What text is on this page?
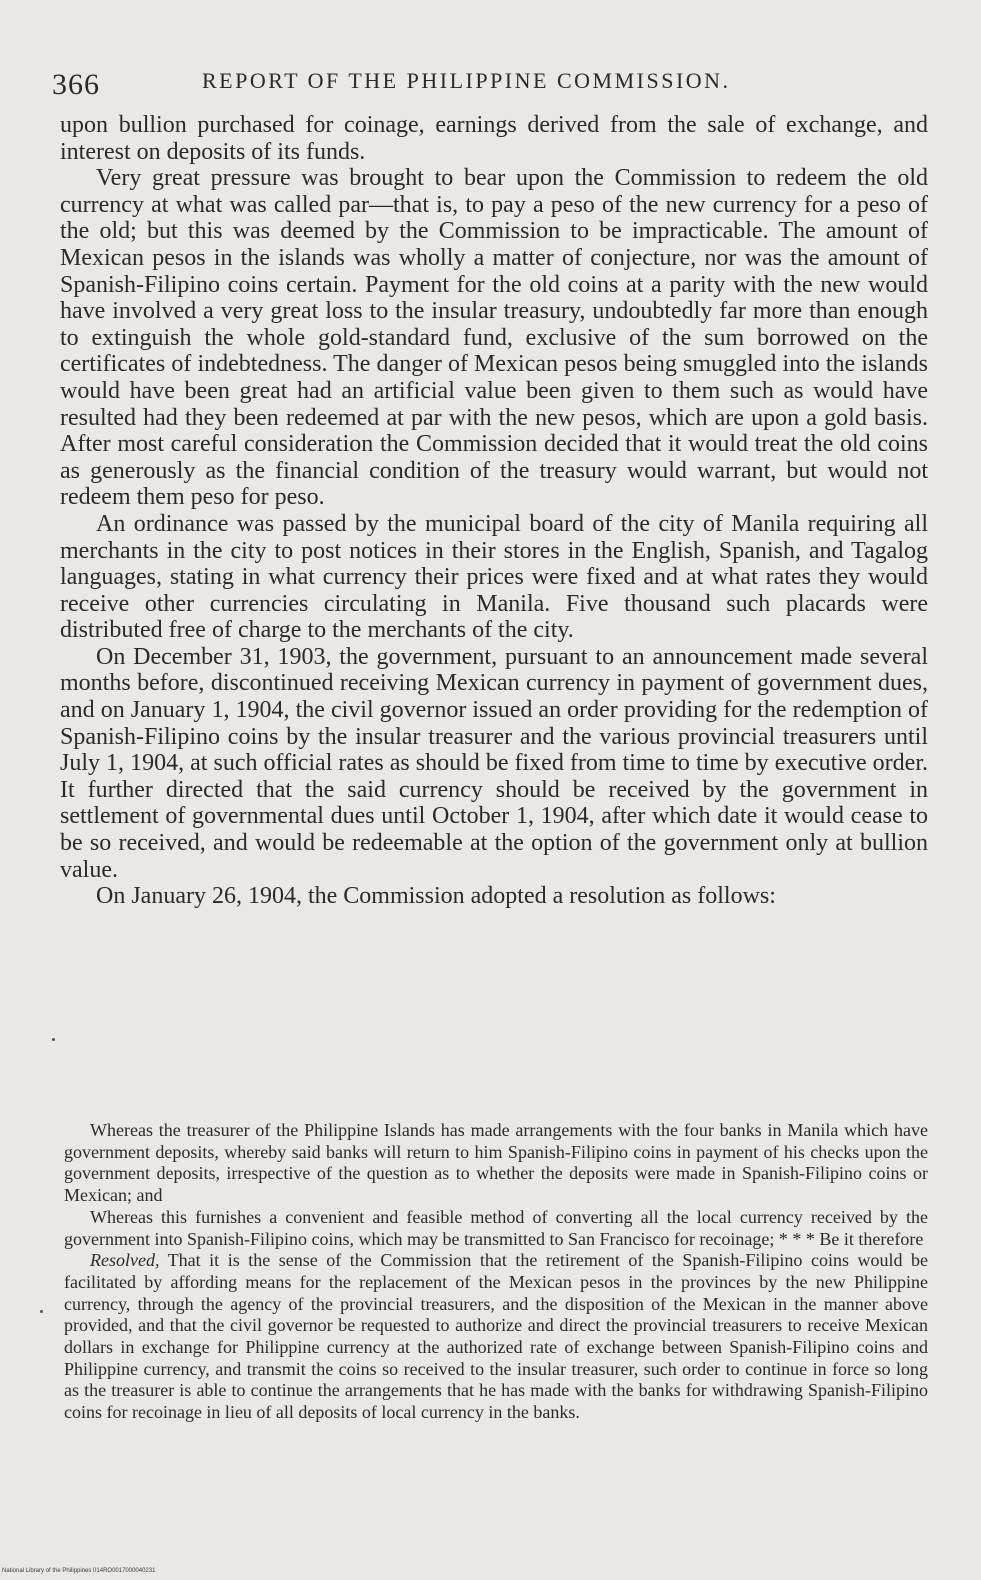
366	REPORT OF THE PHILIPPINE COMMISSION.

upon bullion purchased for coinage, earnings derived from the sale of exchange, and interest on deposits of its funds.

Very great pressure was brought to bear upon the Commission to redeem the old currency at what was called par—that is, to pay a peso of the new currency for a peso of the old; but this was deemed by the Commission to be impracticable. The amount of Mexican pesos in the islands was wholly a matter of conjecture, nor was the amount of Spanish-Filipino coins certain. Payment for the old coins at a parity with the new would have involved a very great loss to the insular treasury, undoubtedly far more than enough to extinguish the whole gold-standard fund, exclusive of the sum borrowed on the certificates of indebtedness. The danger of Mexican pesos being smuggled into the islands would have been great had an artificial value been given to them such as would have resulted had they been redeemed at par with the new pesos, which are upon a gold basis. After most careful consideration the Commission decided that it would treat the old coins as generously as the financial condition of the treasury would warrant, but would not redeem them peso for peso.

An ordinance was passed by the municipal board of the city of Manila requiring all merchants in the city to post notices in their stores in the English, Spanish, and Tagalog languages, stating in what currency their prices were fixed and at what rates they would receive other currencies circulating in Manila. Five thousand such placards were distributed free of charge to the merchants of the city.

On December 31, 1903, the government, pursuant to an announcement made several months before, discontinued receiving Mexican currency in payment of government dues, and on January 1, 1904, the civil governor issued an order providing for the redemption of Spanish-Filipino coins by the insular treasurer and the various provincial treasurers until July 1, 1904, at such official rates as should be fixed from time to time by executive order. It further directed that the said currency should be received by the government in settlement of governmental dues until October 1, 1904, after which date it would cease to be so received, and would be redeemable at the option of the government only at bullion value.

On January 26, 1904, the Commission adopted a resolution as follows:

Whereas the treasurer of the Philippine Islands has made arrangements with the four banks in Manila which have government deposits, whereby said banks will return to him Spanish-Filipino coins in payment of his checks upon the government deposits, irrespective of the question as to whether the deposits were made in Spanish-Filipino coins or Mexican; and

Whereas this furnishes a convenient and feasible method of converting all the local currency received by the government into Spanish-Filipino coins, which may be transmitted to San Francisco for recoinage; * * * Be it therefore

Resolved, That it is the sense of the Commission that the retirement of the Spanish-Filipino coins would be facilitated by affording means for the replacement of the Mexican pesos in the provinces by the new Philippine currency, through the agency of the provincial treasurers, and the disposition of the Mexican in the manner above provided, and that the civil governor be requested to authorize and direct the provincial treasurers to receive Mexican dollars in exchange for Philippine currency at the authorized rate of exchange between Spanish-Filipino coins and Philippine currency, and transmit the coins so received to the insular treasurer, such order to continue in force so long as the treasurer is able to continue the arrangements that he has made with the banks for withdrawing Spanish-Filipino coins for recoinage in lieu of all deposits of local currency in the banks.

National Library of the Philippines 014RO0017000040231
